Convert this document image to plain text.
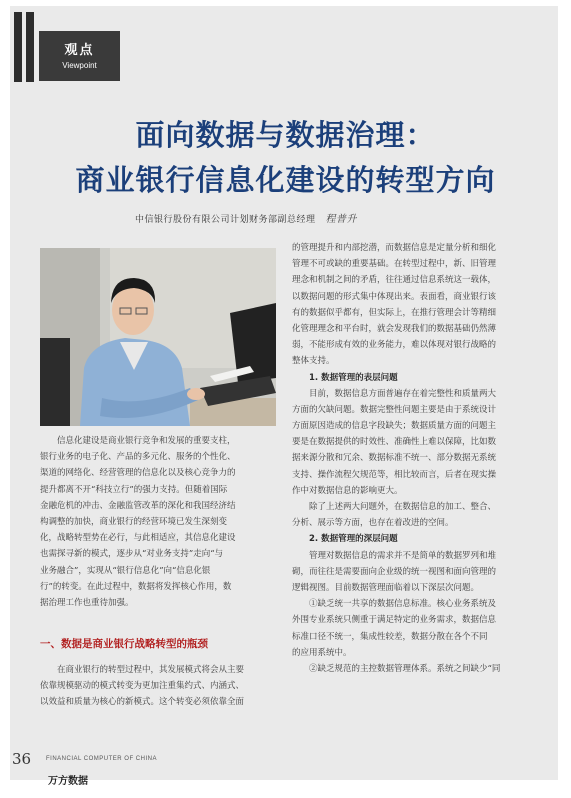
观点
Viewpoint
面向数据与数据治理：
商业银行信息化建设的转型方向
中信银行股份有限公司计划财务部副总经理 程普升
信息化建设是商业银行竞争和发展的重要支柱，
银行业务的电子化、产品的多元化、服务的个性化、
渠道的网络化、经营管理的信息化以及核心竞争力的
提升都离不开“科技立行”的强力支持。但随着国际
金融危机的冲击、金融监管改革的深化和我国经济结
构调整的加快，商业银行的经营环境已发生深刻变
化，战略转型势在必行，与此相适应，其信息化建设
也需探寻新的模式，逐步从“对业务支持”走向“与
业务融合”，实现从“银行信息化”向“信息化银
行”的转变。在此过程中，数据将发挥核心作用，数
据治理工作也重待加强。
一、数据是商业银行战略转型的瓶颈
在商业银行的转型过程中，其发展模式将会从主要
依靠规模驱动的模式转变为更加注重集约式、内涵式、
以效益和质量为核心的新模式。这个转变必须依靠全面
的管理提升和内部挖潜，而数据信息是定量分析和细化
管理不可或缺的重要基础。在转型过程中，新、旧管理
理念和机制之间的矛盾，往往通过信息系统这一载体，
以数据问题的形式集中体现出来。表面看，商业银行该
有的数据似乎都有，但实际上，在推行管理会计等精细
化管理理念和平台时，就会发现我们的数据基础仍然薄
弱，不能形成有效的业务能力，难以体现对银行战略的
整体支持。
1. 数据管理的表层问题
目前，数据信息方面普遍存在着完整性和质量两大
方面的欠缺问题。数据完整性问题主要是由于系统设计
方面原因造成的信息字段缺失；数据质量方面的问题主
要是在数据提供的时效性、准确性上难以保障，比如数
据来源分散和冗余、数据标准不统一、部分数据无系统
支持、操作流程欠规范等，相比较而言，后者在现实操
作中对数据信息的影响更大。
除了上述两大问题外，在数据信息的加工、整合、
分析、展示等方面，也存在着改进的空间。
2. 数据管理的深层问题
管理对数据信息的需求并不是简单的数据罗列和堆
砌，而往往是需要面向企业级的统一视图和面向管理的
逻辑视图。目前数据管理面临着以下深层次问题。
①缺乏统一共享的数据信息标准。核心业务系统及
外围专业系统只侧重于满足特定的业务需求，数据信息
标准口径不统一，集成性较差，数据分散在各个不同
的应用系统中。
②缺乏规范的主控数据管理体系。系统之间缺少“同
36 FINANCIAL COMPUTER OF CHINA
万方数据
